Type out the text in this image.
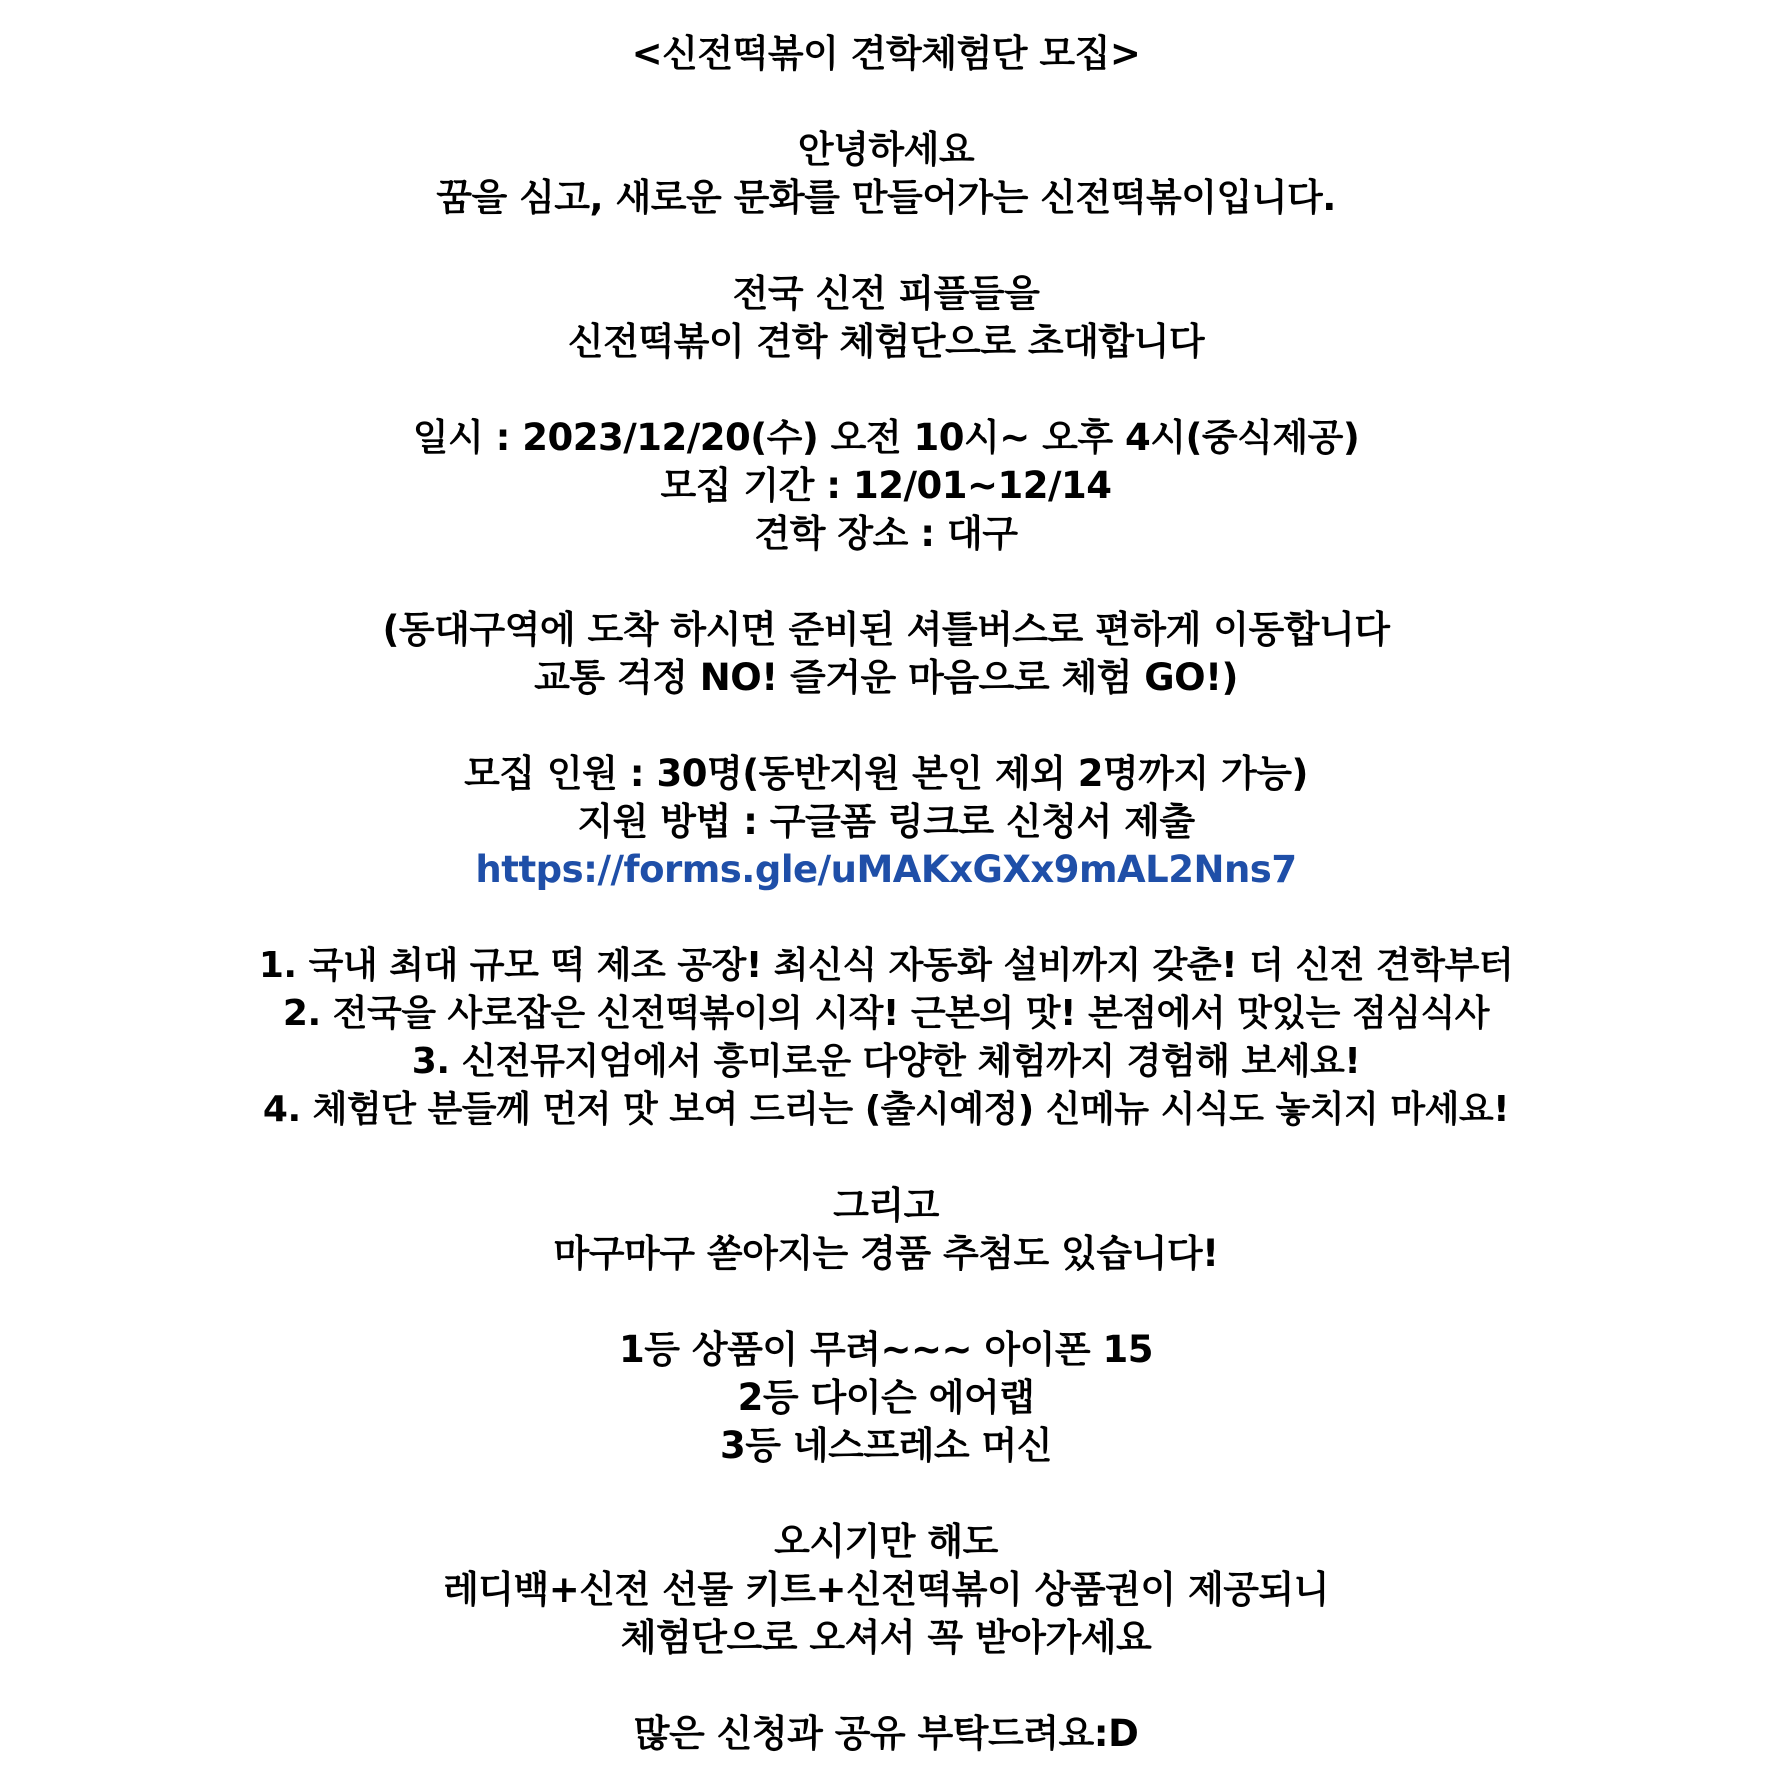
<신전떡볶이 견학체험단 모집>
안녕하세요
꿈을 심고, 새로운 문화를 만들어가는 신전떡볶이입니다.
전국 신전 피플들을
신전떡볶이 견학 체험단으로 초대합니다
일시 : 2023/12/20(수) 오전 10시~ 오후 4시(중식제공)
모집 기간 : 12/01~12/14
견학 장소 : 대구
(동대구역에 도착 하시면 준비된 셔틀버스로 편하게 이동합니다
교통 걱정 NO! 즐거운 마음으로 체험 GO!)
모집 인원 : 30명(동반지원 본인 제외 2명까지 가능)
지원 방법 : 구글폼 링크로 신청서 제출
https://forms.gle/uMAKxGXx9mAL2Nns7
1. 국내 최대 규모 떡 제조 공장! 최신식 자동화 설비까지 갖춘! 더 신전 견학부터
2. 전국을 사로잡은 신전떡볶이의 시작! 근본의 맛! 본점에서 맛있는 점심식사
3. 신전뮤지엄에서 흥미로운 다양한 체험까지 경험해 보세요!
4. 체험단 분들께 먼저 맛 보여 드리는 (출시예정) 신메뉴 시식도 놓치지 마세요!
그리고
마구마구 쏟아지는 경품 추첨도 있습니다!
1등 상품이 무려~~~ 아이폰 15
2등 다이슨 에어랩
3등 네스프레소 머신
오시기만 해도
레디백+신전 선물 키트+신전떡볶이 상품권이 제공되니
체험단으로 오셔서 꼭 받아가세요
많은 신청과 공유 부탁드려요:D
